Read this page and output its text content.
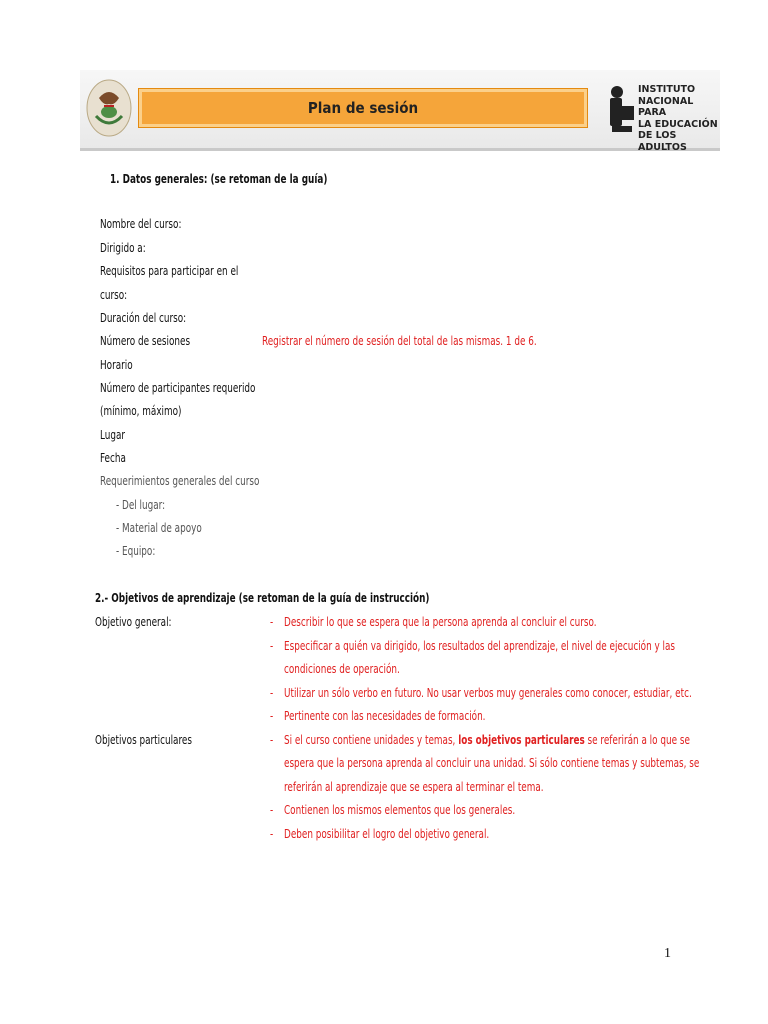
Plan de sesión
INSTITUTO
NACIONAL PARA
LA EDUCACIÓN
DE LOS ADULTOS
1. Datos generales: (se retoman de la guía)
Nombre del curso:
Dirigido a:
Requisitos para participar en el
curso:
Duración del curso:
Número de sesiones	Registrar el número de sesión del total de las mismas. 1 de 6.
Horario
Número de participantes requerido
(mínimo, máximo)
Lugar
Fecha
Requerimientos generales del curso
- Del lugar:
- Material de apoyo
- Equipo:
2.- Objetivos de aprendizaje (se retoman de la guía de instrucción)
Objetivo general:	- Describir lo que se espera que la persona aprenda al concluir el curso.
- Especificar a quién va dirigido, los resultados del aprendizaje, el nivel de ejecución y las
condiciones de operación.
- Utilizar un sólo verbo en futuro. No usar verbos muy generales como conocer, estudiar, etc.
- Pertinente con las necesidades de formación.
Objetivos particulares	- Si el curso contiene unidades y temas, los objetivos particulares se referirán a lo que se
espera que la persona aprenda al concluir una unidad. Si sólo contiene temas y subtemas, se
referirán al aprendizaje que se espera al terminar el tema.
- Contienen los mismos elementos que los generales.
- Deben posibilitar el logro del objetivo general.
1
